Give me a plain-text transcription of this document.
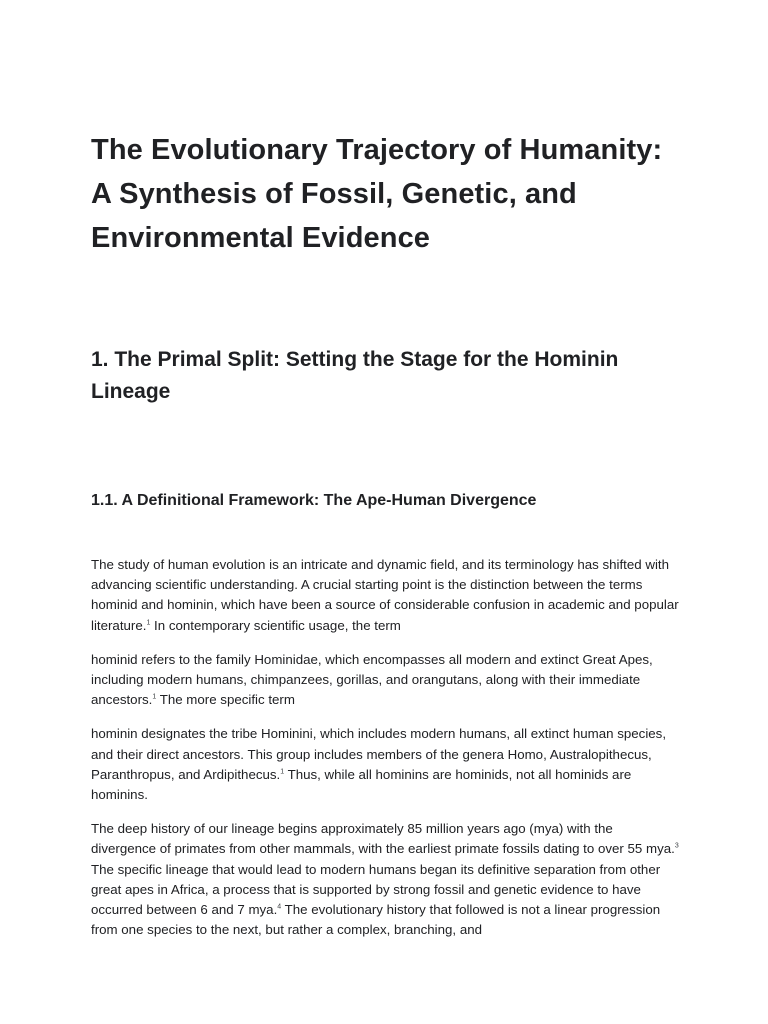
The Evolutionary Trajectory of Humanity: A Synthesis of Fossil, Genetic, and Environmental Evidence
1. The Primal Split: Setting the Stage for the Hominin Lineage
1.1. A Definitional Framework: The Ape-Human Divergence

The study of human evolution is an intricate and dynamic field, and its terminology has shifted with advancing scientific understanding. A crucial starting point is the distinction between the terms hominid and hominin, which have been a source of considerable confusion in academic and popular literature.$^1$ In contemporary scientific usage, the term

hominid refers to the family Hominidae, which encompasses all modern and extinct Great Apes, including modern humans, chimpanzees, gorillas, and orangutans, along with their immediate ancestors.$^1$ The more specific term

hominin designates the tribe Hominini, which includes modern humans, all extinct human species, and their direct ancestors. This group includes members of the genera Homo, Australopithecus, Paranthropus, and Ardipithecus.$^1$ Thus, while all hominins are hominids, not all hominids are hominins.

The deep history of our lineage begins approximately 85 million years ago (mya) with the divergence of primates from other mammals, with the earliest primate fossils dating to over 55 mya.$^3$ The specific lineage that would lead to modern humans began its definitive separation from other great apes in Africa, a process that is supported by strong fossil and genetic evidence to have occurred between 6 and 7 mya.$^4$ The evolutionary history that followed is not a linear progression from one species to the next, but rather a complex, branching, and
